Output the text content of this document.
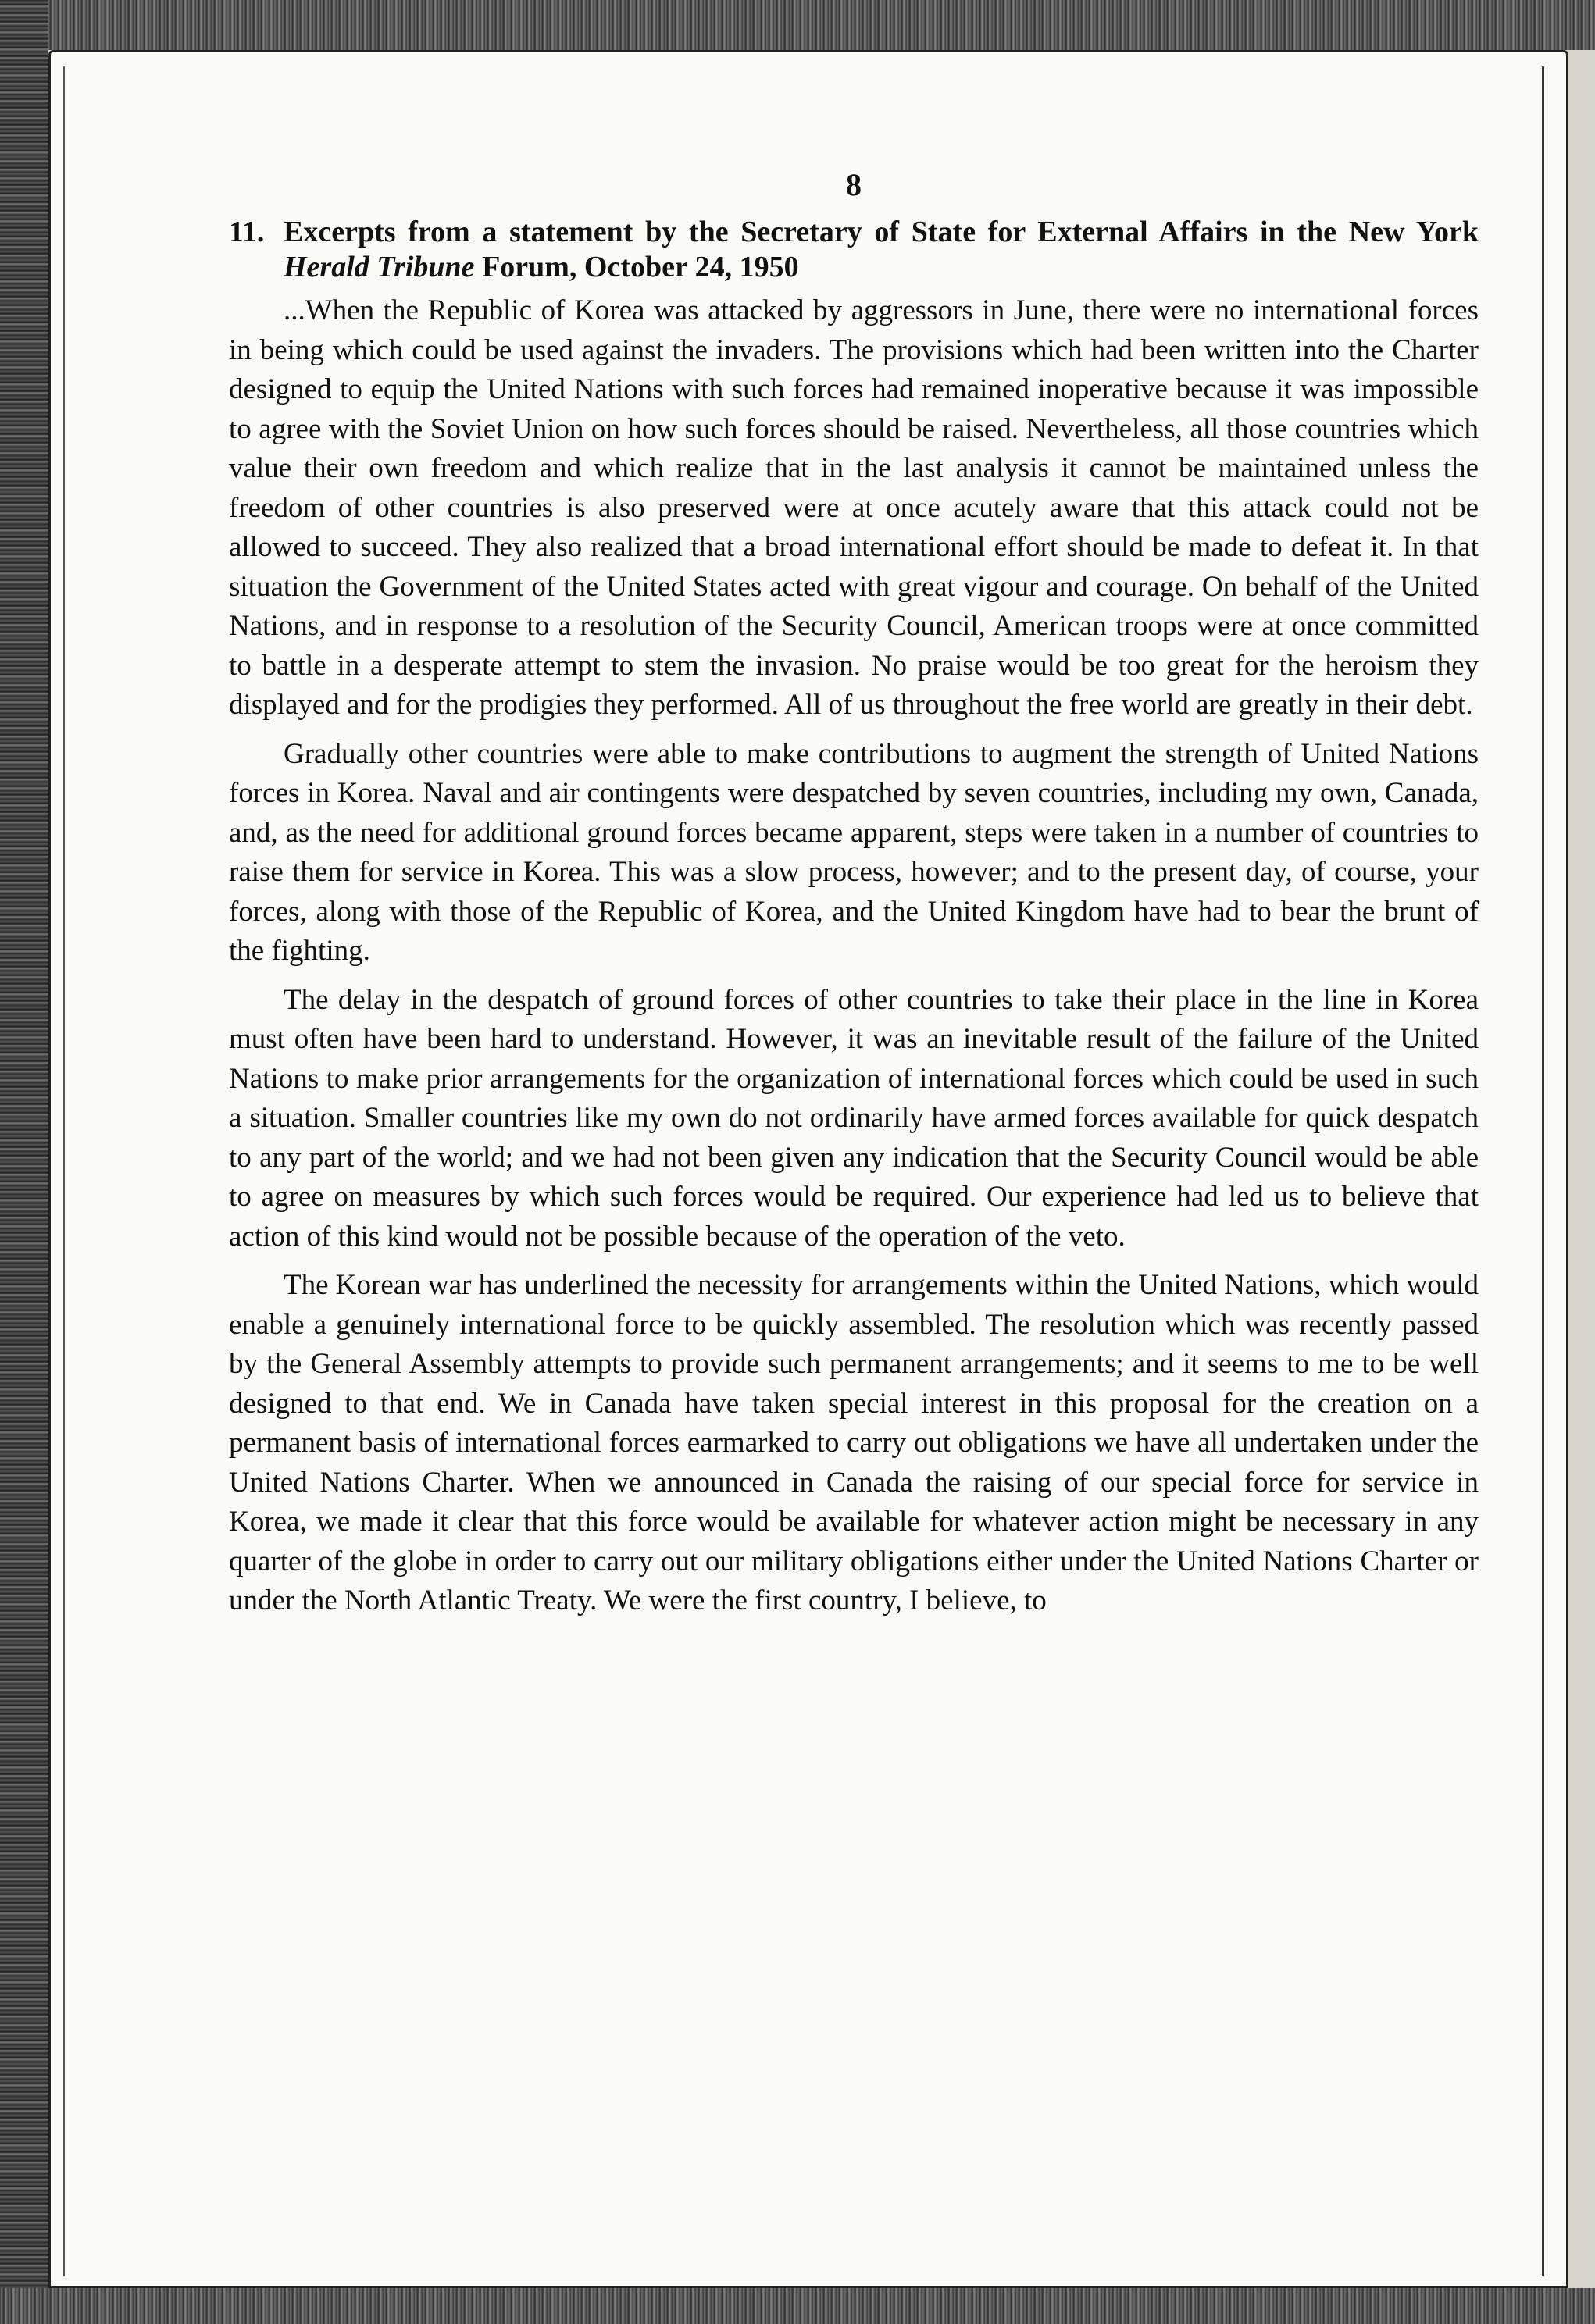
8
11. Excerpts from a statement by the Secretary of State for External Affairs in the New York Herald Tribune Forum, October 24, 1950

...When the Republic of Korea was attacked by aggressors in June, there were no international forces in being which could be used against the invaders. The provisions which had been written into the Charter designed to equip the United Nations with such forces had remained inoperative because it was impossible to agree with the Soviet Union on how such forces should be raised. Nevertheless, all those countries which value their own freedom and which realize that in the last analysis it cannot be maintained unless the freedom of other countries is also preserved were at once acutely aware that this attack could not be allowed to succeed. They also realized that a broad international effort should be made to defeat it. In that situation the Government of the United States acted with great vigour and courage. On behalf of the United Nations, and in response to a resolution of the Security Council, American troops were at once committed to battle in a desperate attempt to stem the invasion. No praise would be too great for the heroism they displayed and for the prodigies they performed. All of us throughout the free world are greatly in their debt.

Gradually other countries were able to make contributions to augment the strength of United Nations forces in Korea. Naval and air contingents were despatched by seven countries, including my own, Canada, and, as the need for additional ground forces became apparent, steps were taken in a number of countries to raise them for service in Korea. This was a slow process, however; and to the present day, of course, your forces, along with those of the Republic of Korea, and the United Kingdom have had to bear the brunt of the fighting.

The delay in the despatch of ground forces of other countries to take their place in the line in Korea must often have been hard to understand. However, it was an inevitable result of the failure of the United Nations to make prior arrangements for the organization of international forces which could be used in such a situation. Smaller countries like my own do not ordinarily have armed forces available for quick despatch to any part of the world; and we had not been given any indication that the Security Council would be able to agree on measures by which such forces would be required. Our experience had led us to believe that action of this kind would not be possible because of the operation of the veto.

The Korean war has underlined the necessity for arrangements within the United Nations, which would enable a genuinely international force to be quickly assembled. The resolution which was recently passed by the General Assembly attempts to provide such permanent arrangements; and it seems to me to be well designed to that end. We in Canada have taken special interest in this proposal for the creation on a permanent basis of international forces earmarked to carry out obligations we have all undertaken under the United Nations Charter. When we announced in Canada the raising of our special force for service in Korea, we made it clear that this force would be available for whatever action might be necessary in any quarter of the globe in order to carry out our military obligations either under the United Nations Charter or under the North Atlantic Treaty. We were the first country, I believe, to
